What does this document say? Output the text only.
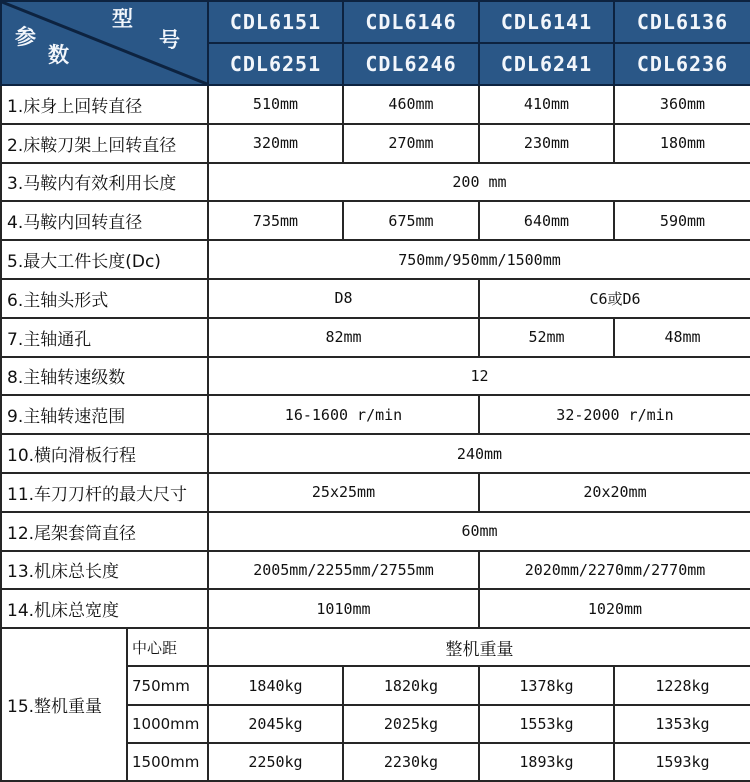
型
号
参
数		CDL6151	CDL6146	CDL6141	CDL6136
		CDL6251	CDL6246	CDL6241	CDL6236
1.床身上回转直径		510mm	460mm	410mm	360mm
2.床鞍刀架上回转直径		320mm	270mm	230mm	180mm
3.马鞍内有效利用长度		200 mm			
4.马鞍内回转直径		735mm	675mm	640mm	590mm
5.最大工件长度(Dc)		750mm/950mm/1500mm			
6.主轴头形式		D8		C6或D6	
7.主轴通孔		82mm		52mm	48mm
8.主轴转速级数		12			
9.主轴转速范围		16-1600 r/min		32-2000 r/min	
10.横向滑板行程		240mm			
11.车刀刀杆的最大尺寸		25x25mm		20x20mm	
12.尾架套筒直径		60mm			
13.机床总长度		2005mm/2255mm/2755mm		2020mm/2270mm/2770mm	
14.机床总宽度		1010mm		1020mm	
15.整机重量	中心距	整机重量			
	750mm	1840kg	1820kg	1378kg	1228kg
	1000mm	2045kg	2025kg	1553kg	1353kg
	1500mm	2250kg	2230kg	1893kg	1593kg
